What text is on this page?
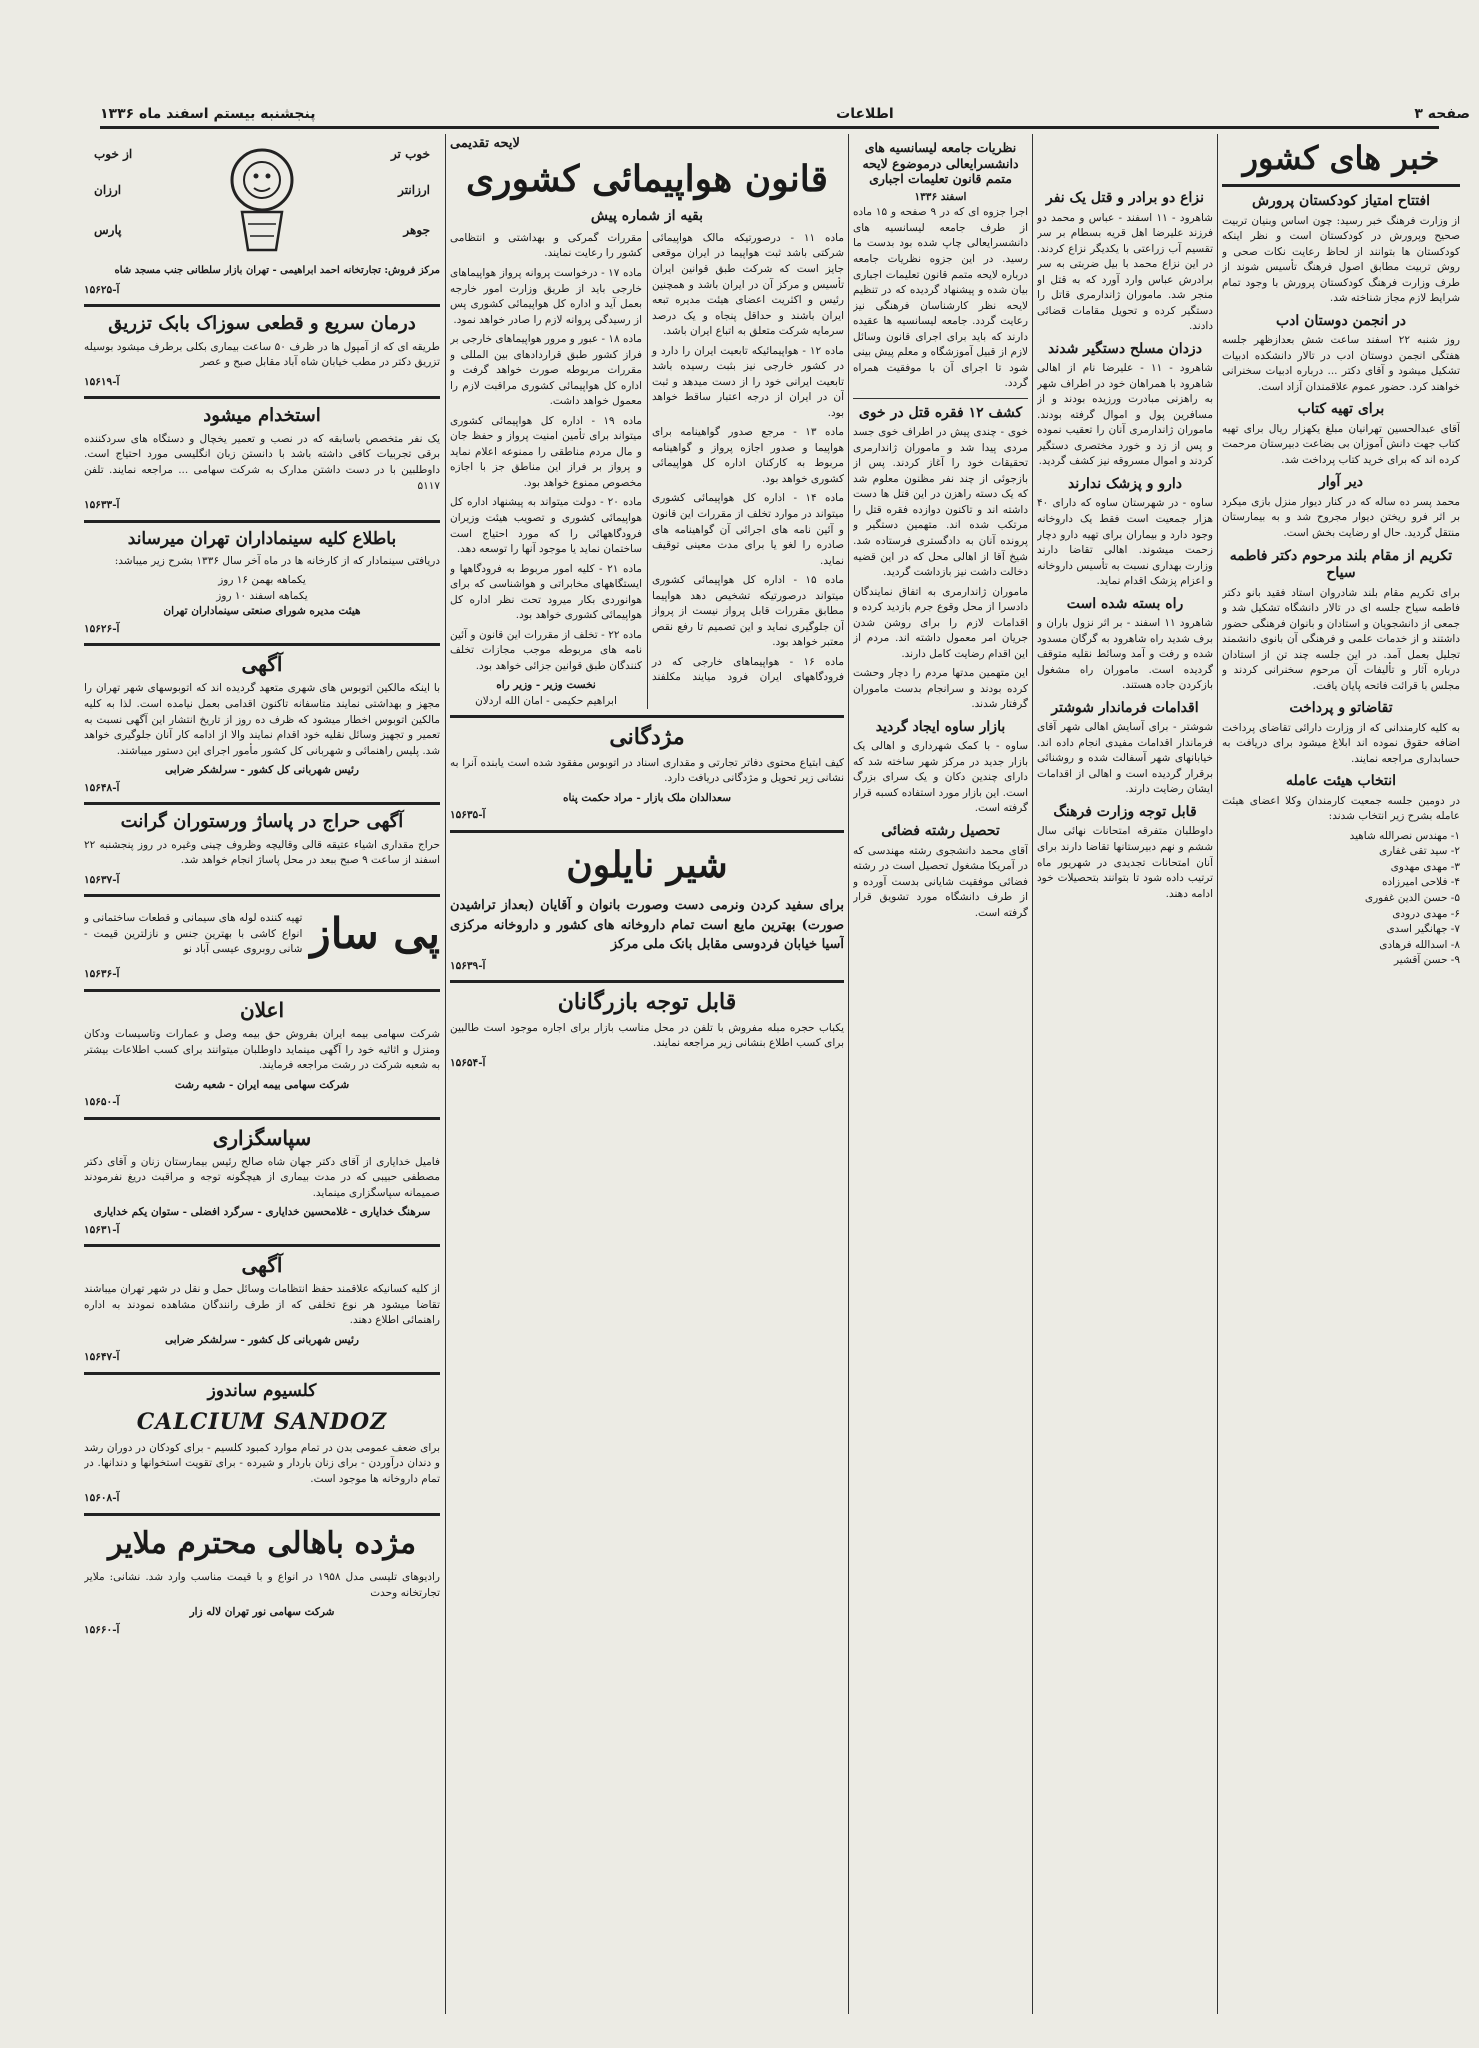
صفحه ۳
اطلاعات
پنجشنبه بیستم اسفند ماه ۱۳۳۶
خبر های کشور
افتتاح امتیاز کودکستان پرورش

از وزارت فرهنگ خبر رسید: چون اساس وبنیان تربیت صحیح وپرورش در کودکستان است و نظر اینکه کودکستان ها بتوانند از لحاظ رعایت نکات صحی و روش تربیت مطابق اصول فرهنگ تأسیس شوند از طرف وزارت فرهنگ کودکستان پرورش با وجود تمام شرایط لازم مجاز شناخته شد.

در انجمن دوستان ادب

روز شنبه ۲۲ اسفند ساعت شش بعدازظهر جلسه هفتگی انجمن دوستان ادب در تالار دانشکده ادبیات تشکیل میشود و آقای دکتر ... درباره ادبیات سخنرانی خواهند کرد. حضور عموم علاقمندان آزاد است.

برای تهیه کتاب

آقای عبدالحسین تهرانیان مبلغ یکهزار ریال برای تهیه کتاب جهت دانش آموزان بی بضاعت دبیرستان مرحمت کرده اند که برای خرید کتاب پرداخت شد.

دیر آوار

محمد پسر ده ساله که در کنار دیوار منزل بازی میکرد بر اثر فرو ریختن دیوار مجروح شد و به بیمارستان منتقل گردید. حال او رضایت بخش است.

تکریم از مقام بلند مرحوم دکتر فاطمه سیاح

برای تکریم مقام بلند شادروان استاد فقید بانو دکتر فاطمه سیاح جلسه ای در تالار دانشگاه تشکیل شد و جمعی از دانشجویان و استادان و بانوان فرهنگی حضور داشتند و از خدمات علمی و فرهنگی آن بانوی دانشمند تجلیل بعمل آمد. در این جلسه چند تن از استادان درباره آثار و تألیفات آن مرحوم سخنرانی کردند و مجلس با قرائت فاتحه پایان یافت.

تقاضاتو و پرداخت

به کلیه کارمندانی که از وزارت دارائی تقاضای پرداخت اضافه حقوق نموده اند ابلاغ میشود برای دریافت به حسابداری مراجعه نمایند.

انتخاب هیئت عامله

در دومین جلسه جمعیت کارمندان وکلا اعضای هیئت عامله بشرح زیر انتخاب شدند:

۱- مهندس نصرالله شاهید
۲- سید تقی غفاری
۳- مهدی مهدوی
۴- فلاحی امیرزاده
۵- حسن الدین غفوری
۶- مهدی درودی
۷- جهانگیر اسدی
۸- اسدالله فرهادی
۹- حسن آقشیر
نزاع دو برادر و قتل یک نفر

شاهرود - ۱۱ اسفند - عباس و محمد دو فرزند علیرضا اهل قریه بسطام بر سر تقسیم آب زراعتی با یکدیگر نزاع کردند. در این نزاع محمد با بیل ضربتی به سر برادرش عباس وارد آورد که به قتل او منجر شد. ماموران ژاندارمری قاتل را دستگیر کرده و تحویل مقامات قضائی دادند.

دزدان مسلح دستگیر شدند

شاهرود - ۱۱ - علیرضا نام از اهالی شاهرود با همراهان خود در اطراف شهر به راهزنی مبادرت ورزیده بودند و از مسافرین پول و اموال گرفته بودند. ماموران ژاندارمری آنان را تعقیب نموده و پس از زد و خورد مختصری دستگیر کردند و اموال مسروقه نیز کشف گردید.

دارو و پزشک ندارند

ساوه - در شهرستان ساوه که دارای ۴۰ هزار جمعیت است فقط یک داروخانه وجود دارد و بیماران برای تهیه دارو دچار زحمت میشوند. اهالی تقاضا دارند وزارت بهداری نسبت به تأسیس داروخانه و اعزام پزشک اقدام نماید.

راه بسته شده است

شاهرود ۱۱ اسفند - بر اثر نزول باران و برف شدید راه شاهرود به گرگان مسدود شده و رفت و آمد وسائط نقلیه متوقف گردیده است. ماموران راه مشغول بازکردن جاده هستند.

اقدامات فرماندار شوشتر

شوشتر - برای آسایش اهالی شهر آقای فرماندار اقدامات مفیدی انجام داده اند. خیابانهای شهر آسفالت شده و روشنائی برقرار گردیده است و اهالی از اقدامات ایشان رضایت دارند.

قابل توجه وزارت فرهنگ

داوطلبان متفرقه امتحانات نهائی سال ششم و نهم دبیرستانها تقاضا دارند برای آنان امتحانات تجدیدی در شهریور ماه ترتیب داده شود تا بتوانند بتحصیلات خود ادامه دهند.

نظریات جامعه لیسانسیه های دانشسرایعالی درموضوع لایحه متمم قانون تعلیمات اجباری
اسفند ۱۳۳۶

اجرا جزوه ای که در ۹ صفحه و ۱۵ ماده از طرف جامعه لیسانسیه های دانشسرایعالی چاپ شده بود بدست ما رسید. در این جزوه نظریات جامعه درباره لایحه متمم قانون تعلیمات اجباری بیان شده و پیشنهاد گردیده که در تنظیم لایحه نظر کارشناسان فرهنگی نیز رعایت گردد. جامعه لیسانسیه ها عقیده دارند که باید برای اجرای قانون وسائل لازم از قبیل آموزشگاه و معلم پیش بینی شود تا اجرای آن با موفقیت همراه گردد.

کشف ۱۲ فقره قتل در خوی

خوی - چندی پیش در اطراف خوی جسد مردی پیدا شد و ماموران ژاندارمری تحقیقات خود را آغاز کردند. پس از بازجوئی از چند نفر مظنون معلوم شد که یک دسته راهزن در این قتل ها دست داشته اند و تاکنون دوازده فقره قتل را مرتکب شده اند. متهمین دستگیر و پرونده آنان به دادگستری فرستاده شد. شیخ آقا از اهالی محل که در این قضیه دخالت داشت نیز بازداشت گردید.

ماموران ژاندارمری به اتفاق نمایندگان دادسرا از محل وقوع جرم بازدید کرده و اقدامات لازم را برای روشن شدن جریان امر معمول داشته اند. مردم از این اقدام رضایت کامل دارند.

این متهمین مدتها مردم را دچار وحشت کرده بودند و سرانجام بدست ماموران گرفتار شدند.

بازار ساوه ایجاد گردید

ساوه - با کمک شهرداری و اهالی یک بازار جدید در مرکز شهر ساخته شد که دارای چندین دکان و یک سرای بزرگ است. این بازار مورد استفاده کسبه قرار گرفته است.

تحصیل رشته فضائی

آقای محمد دانشجوی رشته مهندسی که در آمریکا مشغول تحصیل است در رشته فضائی موفقیت شایانی بدست آورده و از طرف دانشگاه مورد تشویق قرار گرفته است.

لایحه تقدیمی
قانون هواپیمائی کشوری
بقیه از شماره پیش

ماده ۱۱ - درصورتیکه مالک هواپیمائی شرکتی باشد ثبت هواپیما در ایران موقعی جایز است که شرکت طبق قوانین ایران تأسیس و مرکز آن در ایران باشد و همچنین رئیس و اکثریت اعضای هیئت مدیره تبعه ایران باشند و حداقل پنجاه و یک درصد سرمایه شرکت متعلق به اتباع ایران باشد.

ماده ۱۲ - هواپیمائیکه تابعیت ایران را دارد و در کشور خارجی نیز بثبت رسیده باشد تابعیت ایرانی خود را از دست میدهد و ثبت آن در ایران از درجه اعتبار ساقط خواهد بود.

ماده ۱۳ - مرجع صدور گواهینامه برای هواپیما و صدور اجازه پرواز و گواهینامه مربوط به کارکنان اداره کل هواپیمائی کشوری خواهد بود.

ماده ۱۴ - اداره کل هواپیمائی کشوری میتواند در موارد تخلف از مقررات این قانون و آئین نامه های اجرائی آن گواهینامه های صادره را لغو یا برای مدت معینی توقیف نماید.

ماده ۱۵ - اداره کل هواپیمائی کشوری میتواند درصورتیکه تشخیص دهد هواپیما مطابق مقررات قابل پرواز نیست از پرواز آن جلوگیری نماید و این تصمیم تا رفع نقص معتبر خواهد بود.

ماده ۱۶ - هواپیماهای خارجی که در فرودگاههای ایران فرود میایند مکلفند مقررات گمرکی و بهداشتی و انتظامی کشور را رعایت نمایند.

ماده ۱۷ - درخواست پروانه پرواز هواپیماهای خارجی باید از طریق وزارت امور خارجه بعمل آید و اداره کل هواپیمائی کشوری پس از رسیدگی پروانه لازم را صادر خواهد نمود.

ماده ۱۸ - عبور و مرور هواپیماهای خارجی بر فراز کشور طبق قراردادهای بین المللی و مقررات مربوطه صورت خواهد گرفت و اداره کل هواپیمائی کشوری مراقبت لازم را معمول خواهد داشت.

ماده ۱۹ - اداره کل هواپیمائی کشوری میتواند برای تأمین امنیت پرواز و حفظ جان و مال مردم مناطقی را ممنوعه اعلام نماید و پرواز بر فراز این مناطق جز با اجازه مخصوص ممنوع خواهد بود.

ماده ۲۰ - دولت میتواند به پیشنهاد اداره کل هواپیمائی کشوری و تصویب هیئت وزیران فرودگاههائی را که مورد احتیاج است ساختمان نماید یا موجود آنها را توسعه دهد.

ماده ۲۱ - کلیه امور مربوط به فرودگاهها و ایستگاههای مخابراتی و هواشناسی که برای هوانوردی بکار میرود تحت نظر اداره کل هواپیمائی کشوری خواهد بود.

ماده ۲۲ - تخلف از مقررات این قانون و آئین نامه های مربوطه موجب مجازات تخلف کنندگان طبق قوانین جزائی خواهد بود.

نخست وزیر - وزیر راه
ابراهیم حکیمی - امان الله اردلان
مژدگانی

کیف ابتیاع محتوی دفاتر تجارتی و مقداری اسناد در اتوبوس مفقود شده است یابنده آنرا به نشانی زیر تحویل و مژدگانی دریافت دارد.

سعدالدان ملک بازار - مراد حکمت پناه
آ-۱۵۶۳۵
شیر نایلون

برای سفید کردن ونرمی دست وصورت بانوان و آقایان (بعداز تراشیدن صورت) بهترین مایع است تمام داروخانه های کشور و داروخانه مرکزی آسیا خیابان فردوسی مقابل بانک ملی مرکز

آ-۱۵۶۳۹
قابل توجه بازرگانان

یکباب حجره مبله مفروش با تلفن در محل مناسب بازار برای اجاره موجود است طالبین برای کسب اطلاع بنشانی زیر مراجعه نمایند.

آ-۱۵۶۵۴
خوب تر
از خوب
ارزانتر
ارزان
جوهر
پارس

مرکز فروش: تجارتخانه احمد ابراهیمی - تهران بازار سلطانی جنب مسجد شاه

آ-۱۵۶۲۵
درمان سریع و قطعی سوزاک بابک تزریق

طریقه ای که از آمپول ها در ظرف ۵۰ ساعت بیماری بکلی برطرف میشود بوسیله تزریق دکتر در مطب خیابان شاه آباد مقابل صبح و عصر

آ-۱۵۶۱۹
استخدام میشود

یک نفر متخصص باسابقه که در نصب و تعمیر یخچال و دستگاه های سردکننده برقی تجربیات کافی داشته باشد با دانستن زبان انگلیسی مورد احتیاج است. داوطلبین با در دست داشتن مدارک به شرکت سهامی ... مراجعه نمایند. تلفن ۵۱۱۷

آ-۱۵۶۳۳
باطلاع کلیه سینماداران تهران میرساند

دریافتی سینمادار که از کارخانه ها در ماه آخر سال ۱۳۳۶ بشرح زیر میباشد:

یکماهه بهمن ۱۶ روز
یکماهه اسفند ۱۰ روز
هیئت مدیره شورای صنعتی سینماداران تهران
آ-۱۵۶۲۶
آگهی

با اینکه مالکین اتوبوس های شهری متعهد گردیده اند که اتوبوسهای شهر تهران را مجهز و بهداشتی نمایند متاسفانه تاکنون اقدامی بعمل نیامده است. لذا به کلیه مالکین اتوبوس اخطار میشود که ظرف ده روز از تاریخ انتشار این آگهی نسبت به تعمیر و تجهیز وسائل نقلیه خود اقدام نمایند والا از ادامه کار آنان جلوگیری خواهد شد. پلیس راهنمائی و شهربانی کل کشور مأمور اجرای این دستور میباشند.

رئیس شهربانی کل کشور - سرلشکر ضرابی
آ-۱۵۶۴۸
آگهی حراج در پاساژ ورستوران گرانت

حراج مقداری اشیاء عتیقه قالی وقالیچه وظروف چینی وغیره در روز پنجشنبه ۲۲ اسفند از ساعت ۹ صبح ببعد در محل پاساژ انجام خواهد شد.

آ-۱۵۶۳۷
پی ساز
تهیه کننده لوله های سیمانی و قطعات ساختمانی و انواع کاشی با بهترین جنس و نازلترین قیمت - شانی روبروی عیسی آباد نو
آ-۱۵۶۳۶
اعلان

شرکت سهامی بیمه ایران بفروش حق بیمه وصل و عمارات وتاسیسات ودکان ومنزل و اثاثیه خود را آگهی مینماید داوطلبان میتوانند برای کسب اطلاعات بیشتر به شعبه شرکت در رشت مراجعه فرمایند.

شرکت سهامی بیمه ایران - شعبه رشت
آ-۱۵۶۵۰
سپاسگزاری

فامیل خدایاری از آقای دکتر جهان شاه صالح رئیس بیمارستان زنان و آقای دکتر مصطفی حبیبی که در مدت بیماری از هیچگونه توجه و مراقبت دریغ نفرمودند صمیمانه سپاسگزاری مینماید.

سرهنگ خدایاری - غلامحسین خدایاری - سرگرد افضلی - ستوان یکم خدایاری
آ-۱۵۶۳۱
آگهی

از کلیه کسانیکه علاقمند حفظ انتظامات وسائل حمل و نقل در شهر تهران میباشند تقاضا میشود هر نوع تخلفی که از طرف رانندگان مشاهده نمودند به اداره راهنمائی اطلاع دهند.

رئیس شهربانی کل کشور - سرلشکر ضرابی
آ-۱۵۶۴۷
کلسیوم ساندوز
CALCIUM SANDOZ

برای ضعف عمومی بدن در تمام موارد کمبود کلسیم - برای کودکان در دوران رشد و دندان درآوردن - برای زنان باردار و شیرده - برای تقویت استخوانها و دندانها. در تمام داروخانه ها موجود است.

آ-۱۵۶۰۸
مژده باهالی محترم ملایر

رادیوهای تلیسی مدل ۱۹۵۸ در انواع و با قیمت مناسب وارد شد. نشانی: ملایر تجارتخانه وحدت

شرکت سهامی نور تهران لاله زار
آ-۱۵۶۶۰
